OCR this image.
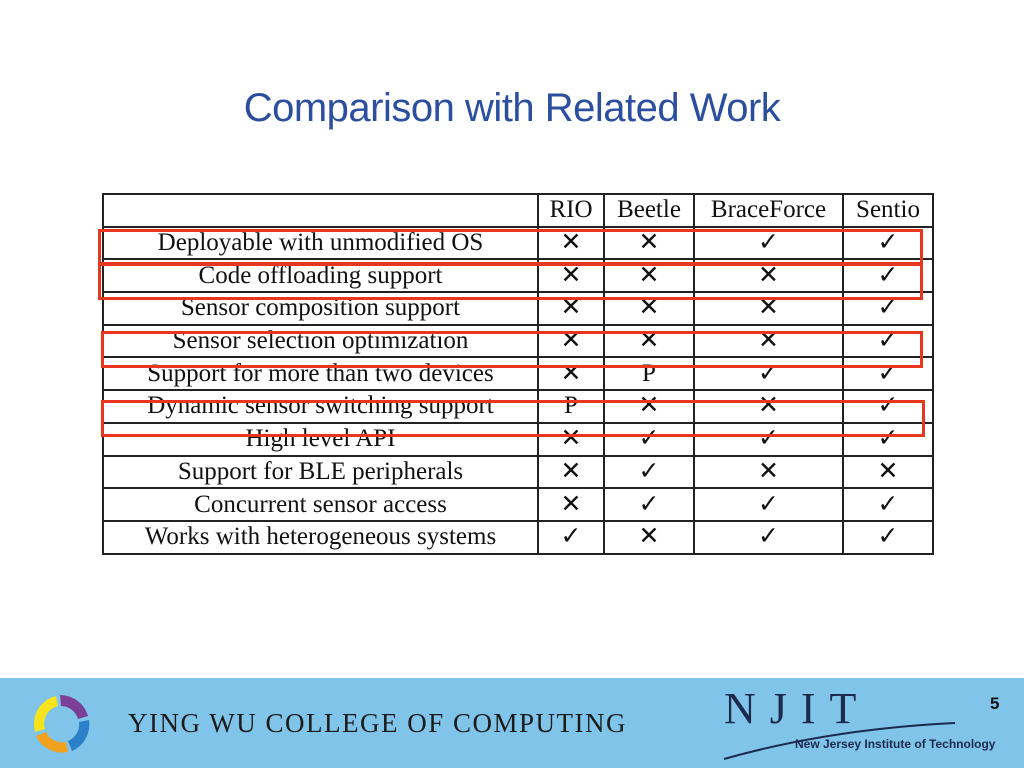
Comparison with Related Work
	RIO	Beetle	BraceForce	Sentio
Deployable with unmodified OS	✕	✕	✓	✓
Code offloading support	✕	✕	✕	✓
Sensor composition support	✕	✕	✕	✓
Sensor selection optimization	✕	✕	✕	✓
Support for more than two devices	✕	P	✓	✓
Dynamic sensor switching support	P	✕	✕	✓
High level API	✕	✓	✓	✓
Support for BLE peripherals	✕	✓	✕	✕
Concurrent sensor access	✕	✓	✓	✓
Works with heterogeneous systems	✓	✕	✓	✓
YING WU COLLEGE OF COMPUTING NJIT
New Jersey Institute of Technology
5
